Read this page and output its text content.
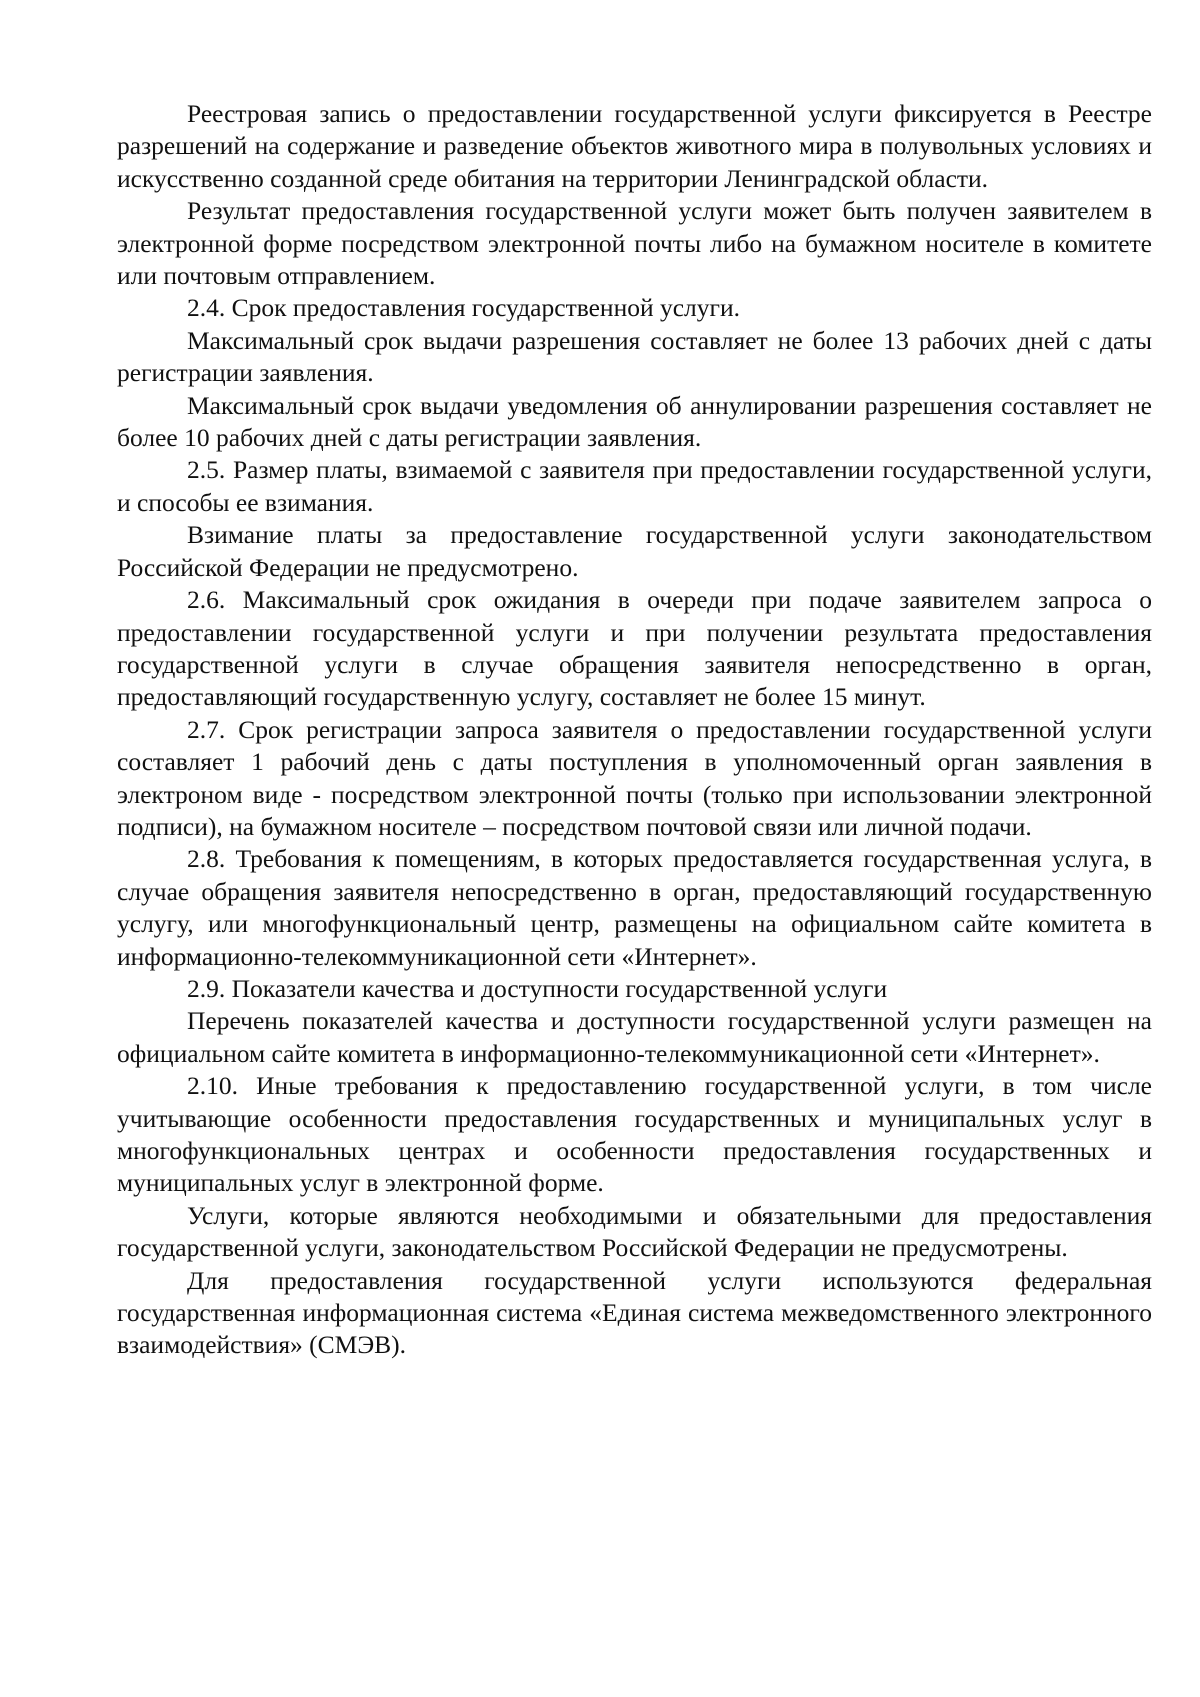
Реестровая запись о предоставлении государственной услуги фиксируется в Реестре разрешений на содержание и разведение объектов животного мира в полувольных условиях и искусственно созданной среде обитания на территории Ленинградской области.

Результат предоставления государственной услуги может быть получен заявителем в электронной форме посредством электронной почты либо на бумажном носителе в комитете или почтовым отправлением.

2.4. Срок предоставления государственной услуги.

Максимальный срок выдачи разрешения составляет не более 13 рабочих дней с даты регистрации заявления.

Максимальный срок выдачи уведомления об аннулировании разрешения составляет не более 10 рабочих дней с даты регистрации заявления.

2.5. Размер платы, взимаемой с заявителя при предоставлении государственной услуги, и способы ее взимания.

Взимание платы за предоставление государственной услуги законодательством Российской Федерации не предусмотрено.

2.6. Максимальный срок ожидания в очереди при подаче заявителем запроса о предоставлении государственной услуги и при получении результата предоставления государственной услуги в случае обращения заявителя непосредственно в орган, предоставляющий государственную услугу, составляет не более 15 минут.

2.7. Срок регистрации запроса заявителя о предоставлении государственной услуги составляет 1 рабочий день с даты поступления в уполномоченный орган заявления в электроном виде - посредством электронной почты (только при использовании электронной подписи), на бумажном носителе – посредством почтовой связи или личной подачи.

2.8. Требования к помещениям, в которых предоставляется государственная услуга, в случае обращения заявителя непосредственно в орган, предоставляющий государственную услугу, или многофункциональный центр, размещены на официальном сайте комитета в информационно-телекоммуникационной сети «Интернет».

2.9. Показатели качества и доступности государственной услуги

Перечень показателей качества и доступности государственной услуги размещен на официальном сайте комитета в информационно-телекоммуникационной сети «Интернет».

2.10. Иные требования к предоставлению государственной услуги, в том числе учитывающие особенности предоставления государственных и муниципальных услуг в многофункциональных центрах и особенности предоставления государственных и муниципальных услуг в электронной форме.

Услуги, которые являются необходимыми и обязательными для предоставления государственной услуги, законодательством Российской Федерации не предусмотрены.

Для предоставления государственной услуги используются федеральная государственная информационная система «Единая система межведомственного электронного взаимодействия» (СМЭВ).
